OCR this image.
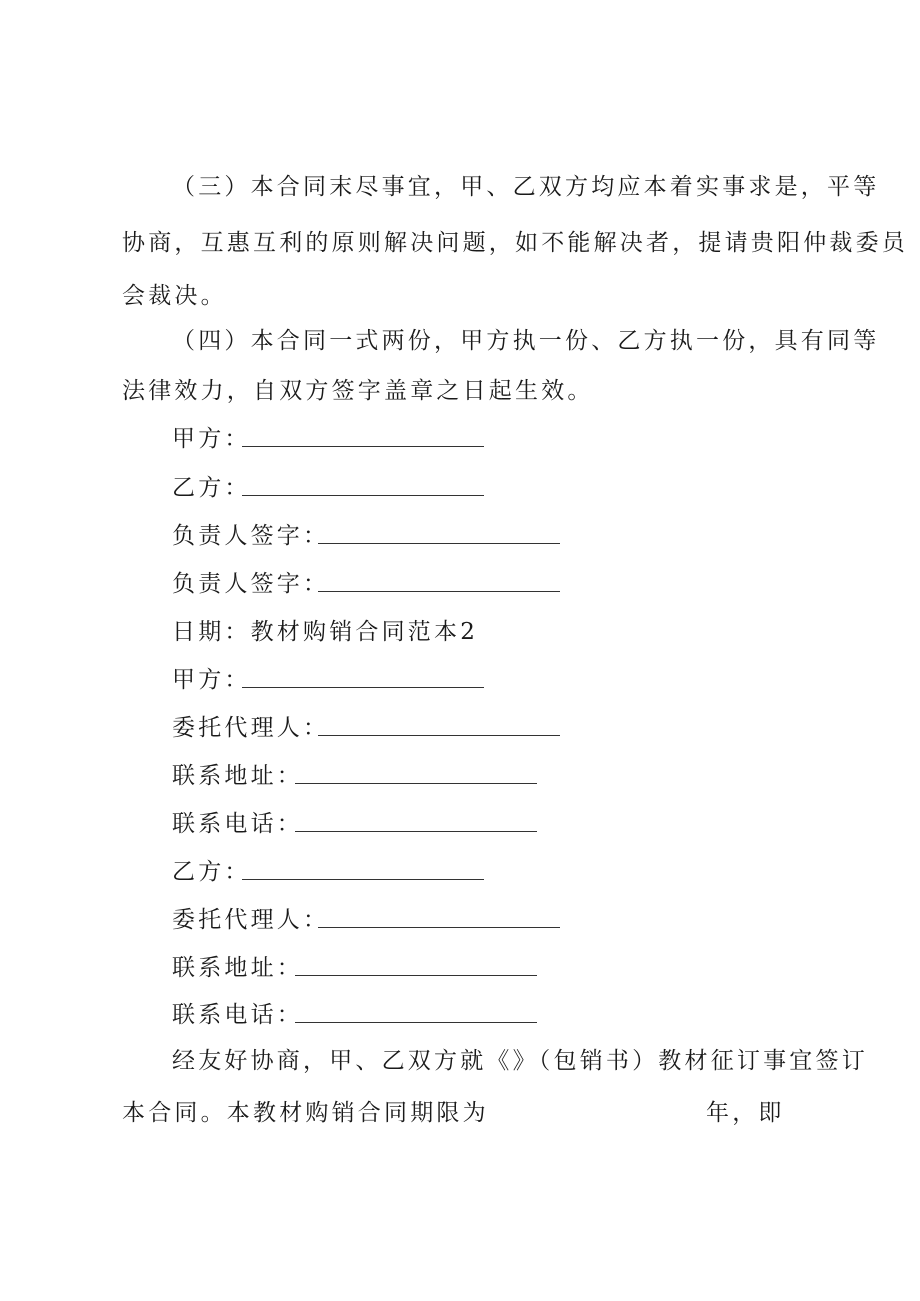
（三）本合同末尽事宜，甲、乙双方均应本着实事求是，平等
协商，互惠互利的原则解决问题，如不能解决者，提请贵阳仲裁委员
会裁决。
（四）本合同一式两份，甲方执一份、乙方执一份，具有同等
法律效力，自双方签字盖章之日起生效。
甲方：
乙方：
负责人签字：
负责人签字：
日期：教材购销合同范本2
甲方：
委托代理人：
联系地址：
联系电话：
乙方：
委托代理人：
联系地址：
联系电话：
经友好协商，甲、乙双方就《》（包销书）教材征订事宜签订
本合同。本教材购销合同期限为	年，即
